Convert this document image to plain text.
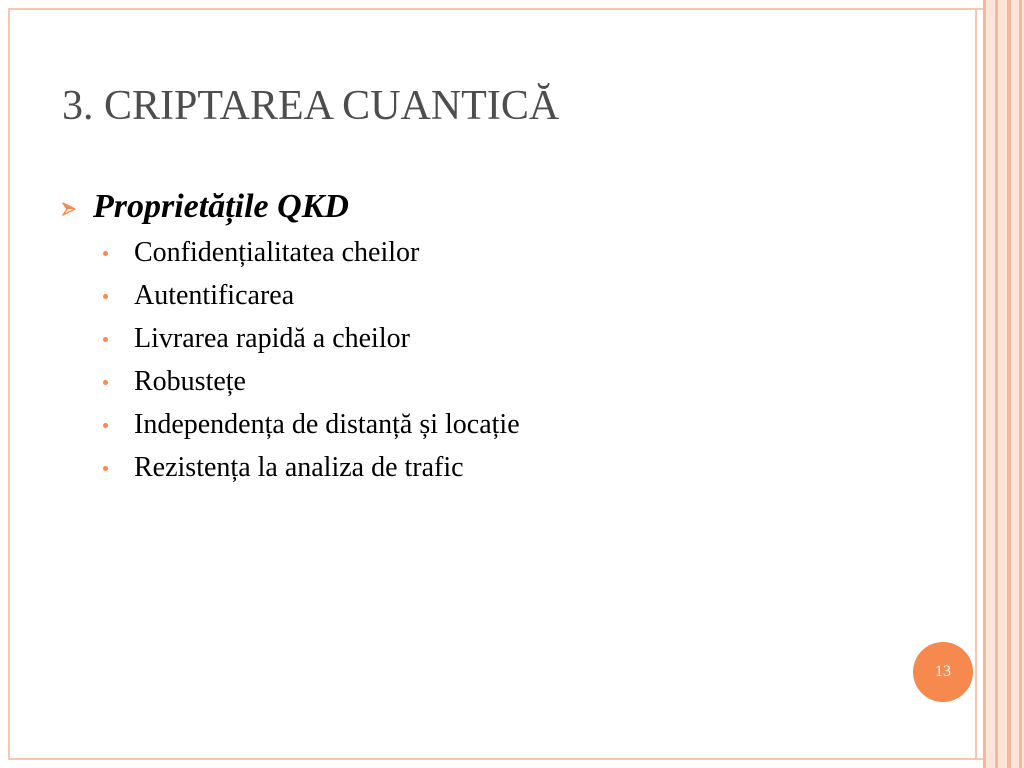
3. CRIPTAREA CUANTICĂ
Proprietățile QKD
Confidențialitatea cheilor
Autentificarea
Livrarea rapidă a cheilor
Robustețe
Independența de distanță și locație
Rezistența la analiza de trafic
13
